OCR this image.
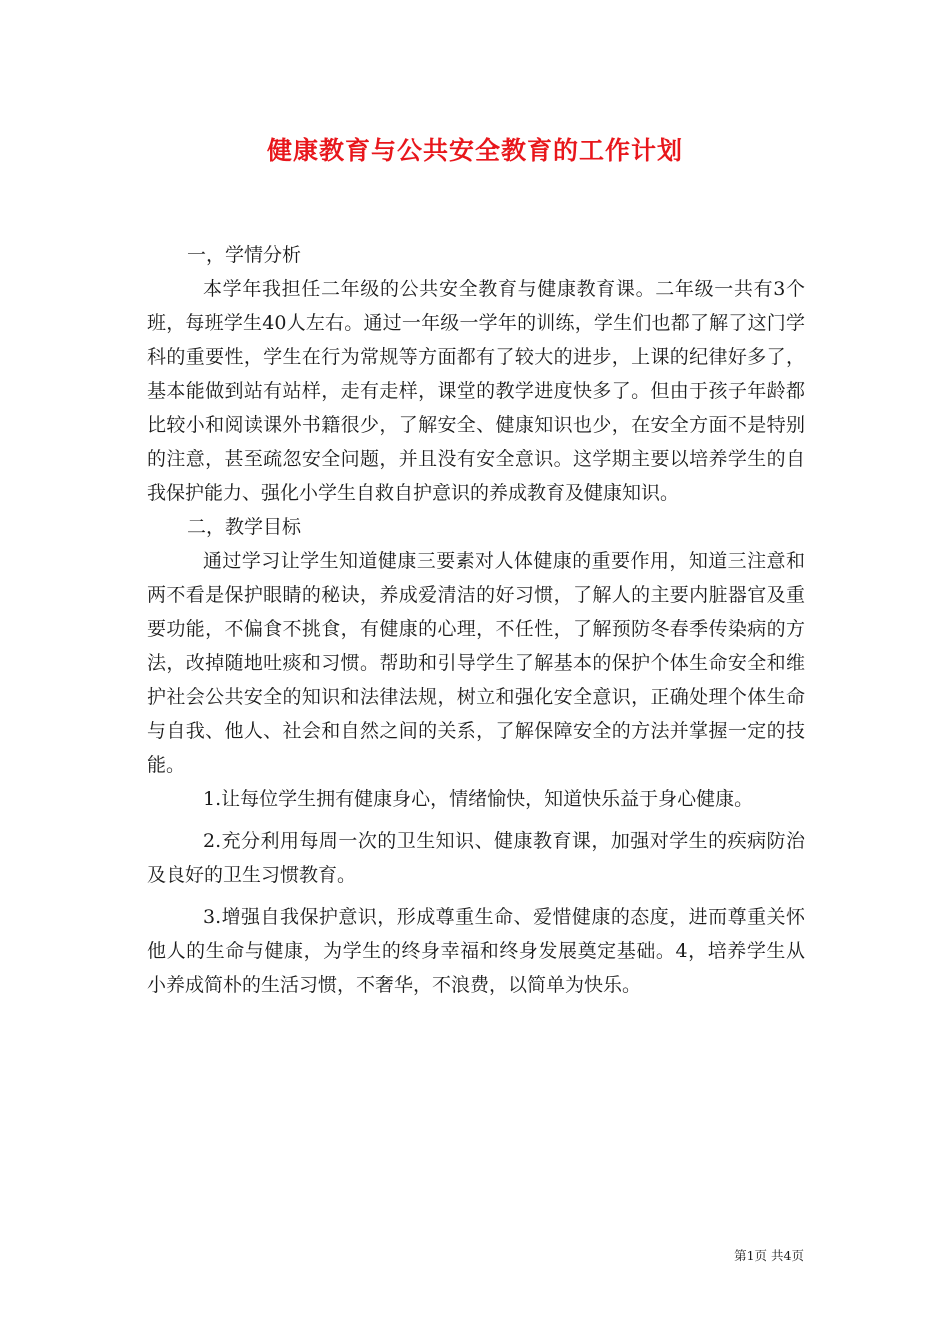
健康教育与公共安全教育的工作计划

一，学情分析

本学年我担任二年级的公共安全教育与健康教育课。二年级一共有3个班，每班学生40人左右。通过一年级一学年的训练，学生们也都了解了这门学科的重要性，学生在行为常规等方面都有了较大的进步，上课的纪律好多了，基本能做到站有站样，走有走样，课堂的教学进度快多了。但由于孩子年龄都比较小和阅读课外书籍很少，了解安全、健康知识也少，在安全方面不是特别的注意，甚至疏忽安全问题，并且没有安全意识。这学期主要以培养学生的自我保护能力、强化小学生自救自护意识的养成教育及健康知识。

二，教学目标

通过学习让学生知道健康三要素对人体健康的重要作用，知道三注意和两不看是保护眼睛的秘诀，养成爱清洁的好习惯，了解人的主要内脏器官及重要功能，不偏食不挑食，有健康的心理，不任性，了解预防冬春季传染病的方法，改掉随地吐痰和习惯。帮助和引导学生了解基本的保护个体生命安全和维护社会公共安全的知识和法律法规，树立和强化安全意识，正确处理个体生命与自我、他人、社会和自然之间的关系，了解保障安全的方法并掌握一定的技能。

1.让每位学生拥有健康身心，情绪愉快，知道快乐益于身心健康。

2.充分利用每周一次的卫生知识、健康教育课，加强对学生的疾病防治及良好的卫生习惯教育。

3.增强自我保护意识，形成尊重生命、爱惜健康的态度，进而尊重关怀他人的生命与健康，为学生的终身幸福和终身发展奠定基础。4，培养学生从小养成简朴的生活习惯，不奢华，不浪费，以简单为快乐。

第1页 共4页
